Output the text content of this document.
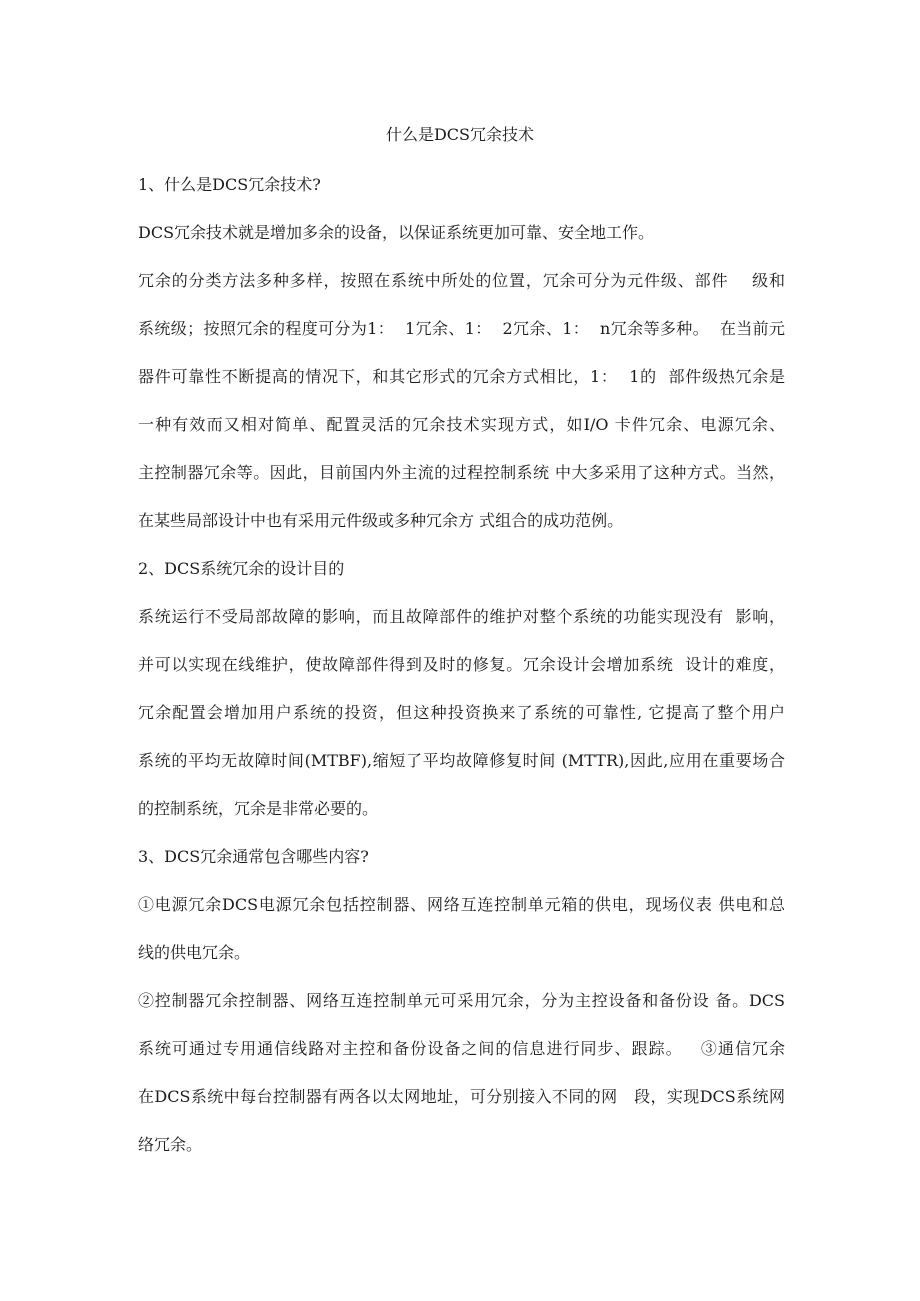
什么是DCS冗余技术
1、什么是DCS冗余技术?
DCS冗余技术就是增加多余的设备，以保证系统更加可靠、安全地工作。
冗余的分类方法多种多样，按照在系统中所处的位置，冗余可分为元件级、部件    级和
系统级；按照冗余的程度可分为1：  1冗余、1：  2冗余、1：  n冗余等多种。  在当前元
器件可靠性不断提高的情况下，和其它形式的冗余方式相比，1：  1的  部件级热冗余是
一种有效而又相对简单、配置灵活的冗余技术实现方式，如I/O 卡件冗余、电源冗余、
主控制器冗余等。因此，目前国内外主流的过程控制系统 中大多采用了这种方式。当然，
在某些局部设计中也有采用元件级或多种冗余方 式组合的成功范例。
2、DCS系统冗余的设计目的
系统运行不受局部故障的影响，而且故障部件的维护对整个系统的功能实现没有  影响，
并可以实现在线维护，使故障部件得到及时的修复。冗余设计会增加系统  设计的难度，
冗余配置会增加用户系统的投资，但这种投资换来了系统的可靠性, 它提高了整个用户
系统的平均无故障时间(MTBF),缩短了平均故障修复时间 (MTTR),因此,应用在重要场合
的控制系统，冗余是非常必要的。
3、DCS冗余通常包含哪些内容?
①电源冗余DCS电源冗余包括控制器、网络互连控制单元箱的供电，现场仪表 供电和总
线的供电冗余。
②控制器冗余控制器、网络互连控制单元可采用冗余，分为主控设备和备份设 备。DCS
系统可通过专用通信线路对主控和备份设备之间的信息进行同步、跟踪。   ③通信冗余
在DCS系统中每台控制器有两各以太网地址，可分别接入不同的网   段，实现DCS系统网
络冗余。
